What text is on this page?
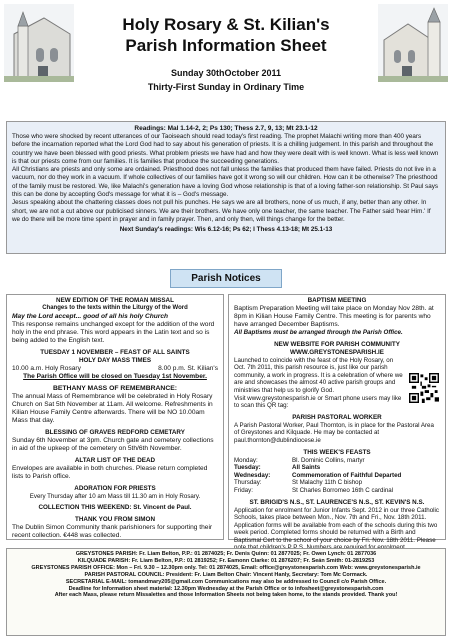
Holy Rosary & St. Kilian's
Parish Information Sheet
Sunday 30thOctober 2011
Thirty-First Sunday in Ordinary Time
Readings: Mal 1.14-2, 2; Ps 130; Thess 2.7, 9, 13; Mt 23.1-12

Those who were shocked by recent utterances of our Taoiseach should read today's first reading. The prophet Malachi writing more than 400 years before the incarnation reported what the Lord God had to say about his generation of priests. It is a chilling judgement. In this parish and throughout the country we have been blessed with good priests. What problem priests we have had and how they were dealt with is well known. What is less well known is that our priests come from our families. It is families that produce the succeeding generations.

All Christians are priests and only some are ordained. Priesthood does not fall unless the families that produced them have failed. Priests do not live in a vacuum, nor do they work in a vacuum. If whole collectives of our families have got it wrong so will our children. How can it be otherwise? The priesthood of the family must be restored. We, like Malachi's generation have a loving God whose relationship is that of a loving father-son relationship. St Paul says this can be done by accepting God's message for what it is – God's message.

Jesus speaking about the chattering classes does not pull his punches. He says we are all brothers, none of us much, if any, better than any other. In short, we are not a cut above our publicised sinners. We are their brothers. We have only one teacher, the same teacher. The Father said 'hear Him.' If we do there will be more time spent in prayer and in family prayer. Then, and only then, will things change for the better.

Next Sunday's readings: Wis 6.12-16; Ps 62; I Thess 4.13-18; Mt 25.1-13
Parish Notices
NEW EDITION OF THE ROMAN MISSAL
Changes to the texts within the Liturgy of the Word
May the Lord accept... good of all his holy Church
This response remains unchanged except for the addition of the word holy in the end phrase. This word appears in the Latin text and so is being added to the English text.
TUESDAY 1 NOVEMBER – FEAST OF ALL SAINTS
HOLY DAY MASS TIMES
10.00 a.m. Holy Rosary	8.00 p.m. St. Kilian's
The Parish Office will be closed on Tuesday 1st November.
BETHANY MASS OF REMEMBRANCE:
The annual Mass of Remembrance will be celebrated in Holy Rosary Church on Sat 5th November at 11am. All welcome. Refreshments in Kilian House Family Centre afterwards. There will be NO 10.00am Mass that day.
BLESSING OF GRAVES REDFORD CEMETARY
Sunday 6th November at 3pm. Church gate and cemetery collections in aid of the upkeep of the cemetery on 5th/6th November.
ALTAR LIST OF THE DEAD
Envelopes are available in both churches. Please return completed lists to Parish office.
ADORATION FOR PRIESTS
Every Thursday after 10 am Mass till 11.30 am in Holy Rosary.
COLLECTION THIS WEEKEND: St. Vincent de Paul.
THANK YOU FROM SIMON
The Dublin Simon Community thank parishioners for supporting their recent collection. €448 was collected.
BAPTISM MEETING
Baptism Preparation Meeting will take place on Monday Nov 28th. at 8pm in Kilian House Family Centre. This meeting is for parents who have arranged December Baptisms.
All Baptisms must be arranged through the Parish Office.
NEW WEBSITE FOR PARISH COMMUNITY
WWW.GREYSTONESPARISH.IE
Launched to coincide with the feast of the Holy Rosary, on Oct. 7th 2011, this parish resource is, just like our parish community, a work in progress. It is a celebration of where we are and showcases the almost 40 active parish groups and ministries that help us to glorify God.
Visit www.greystonesparish.ie or Smart phone users may like to scan this QR tag:
PARISH PASTORAL WORKER
A Parish Pastoral Worker, Paul Thornton, is in place for the Pastoral Area of Greystones and Kilquade. He may be contacted at paul.thornton@dublindiocese.ie
THIS WEEK'S FEASTS
Monday:	Bl. Dominic Collins, martyr
Tuesday:	All Saints
Wednesday:	Commemoration of Faithful Departed
Thursday:	St Malachy 11th C bishop
Friday:	St Charles Borromeo 16th C cardinal
ST. BRIGID'S N.S., ST. LAURENCE'S N.S., ST. KEVIN'S N.S.
Application for enrolment for Junior Infants Sept. 2012 in our three Catholic Schools, takes place between Mon., Nov. 7th and Fri., Nov. 18th 2011. Application forms will be available from each of the schools during this two week period. Completed forms should be returned with a Birth and Baptismal Cert to the school of your choice by Fri. Nov. 18th 2011. Please

GREYSTONES PARISH: Fr. Liam Belton, P.P.: 01 2874025; Fr. Denis Quinn: 01 2877025; Fr. Owen Lynch: 01 2877036

KILQUADE PARISH: Fr. Liam Belton, P.P.: 01 2819252; Fr. Eamonn Clarke: 01 2876207; Fr. Seán Smith: 01-2819253

GREYSTONES PARISH OFFICE: Mon – Fri. 9.30 – 12.30pm only. Tel: 01 2874025, Email: office@greystonesparish.com Web: www.greystonesparish.ie

PARISH PASTORAL COUNCIL: President: Fr. Liam Belton Chair: Vincent Hanly, Secretary: Tom Mc Cormack.

SECRETARIAL E-MAIL: tomandmary205@gmail.com Communications may also be addressed to Council c/o Parish Office.

Deadline for Information sheet material: 12.30pm Wednesday at the Parish Office or to infosheet@greystonesparish.com

After each Mass, please return Missalettes and those Information Sheets not being taken home, to the stands provided. Thank you!
